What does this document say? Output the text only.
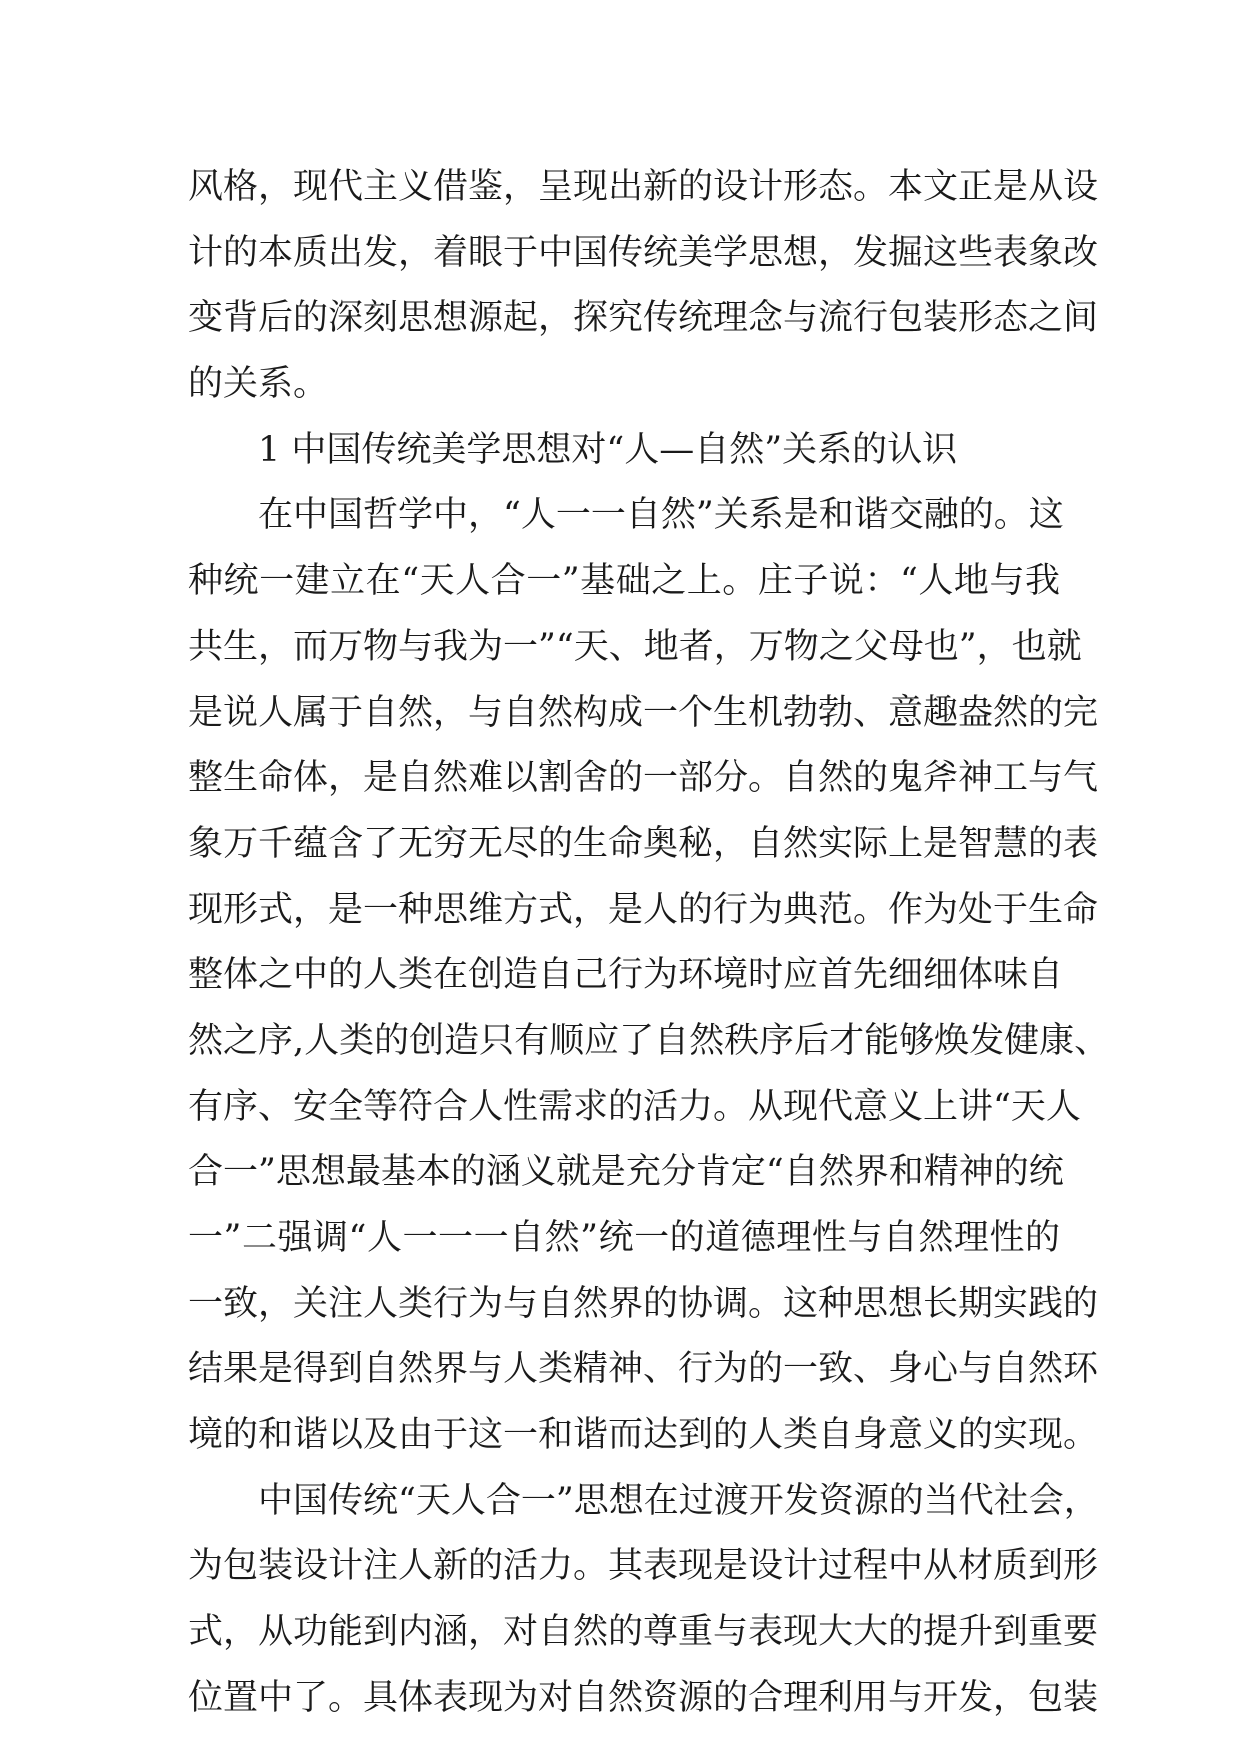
风格，现代主义借鉴，呈现出新的设计形态。本文正是从设
计的本质出发，着眼于中国传统美学思想，发掘这些表象改
变背后的深刻思想源起，探究传统理念与流行包装形态之间
的关系。
1 中国传统美学思想对“人—自然”关系的认识
在中国哲学中，“人一一自然”关系是和谐交融的。这
种统一建立在“天人合一”基础之上。庄子说：“人地与我
共生，而万物与我为一”“天、地者，万物之父母也”，也就
是说人属于自然，与自然构成一个生机勃勃、意趣盎然的完
整生命体，是自然难以割舍的一部分。自然的鬼斧神工与气
象万千蕴含了无穷无尽的生命奥秘，自然实际上是智慧的表
现形式，是一种思维方式，是人的行为典范。作为处于生命
整体之中的人类在创造自己行为环境时应首先细细体味自
然之序,人类的创造只有顺应了自然秩序后才能够焕发健康、
有序、安全等符合人性需求的活力。从现代意义上讲“天人
合一”思想最基本的涵义就是充分肯定“自然界和精神的统
一”二强调“人一一一自然”统一的道德理性与自然理性的
一致，关注人类行为与自然界的协调。这种思想长期实践的
结果是得到自然界与人类精神、行为的一致、身心与自然环
境的和谐以及由于这一和谐而达到的人类自身意义的实现。
中国传统“天人合一”思想在过渡开发资源的当代社会，
为包装设计注人新的活力。其表现是设计过程中从材质到形
式，从功能到内涵，对自然的尊重与表现大大的提升到重要
位置中了。具体表现为对自然资源的合理利用与开发，包装
